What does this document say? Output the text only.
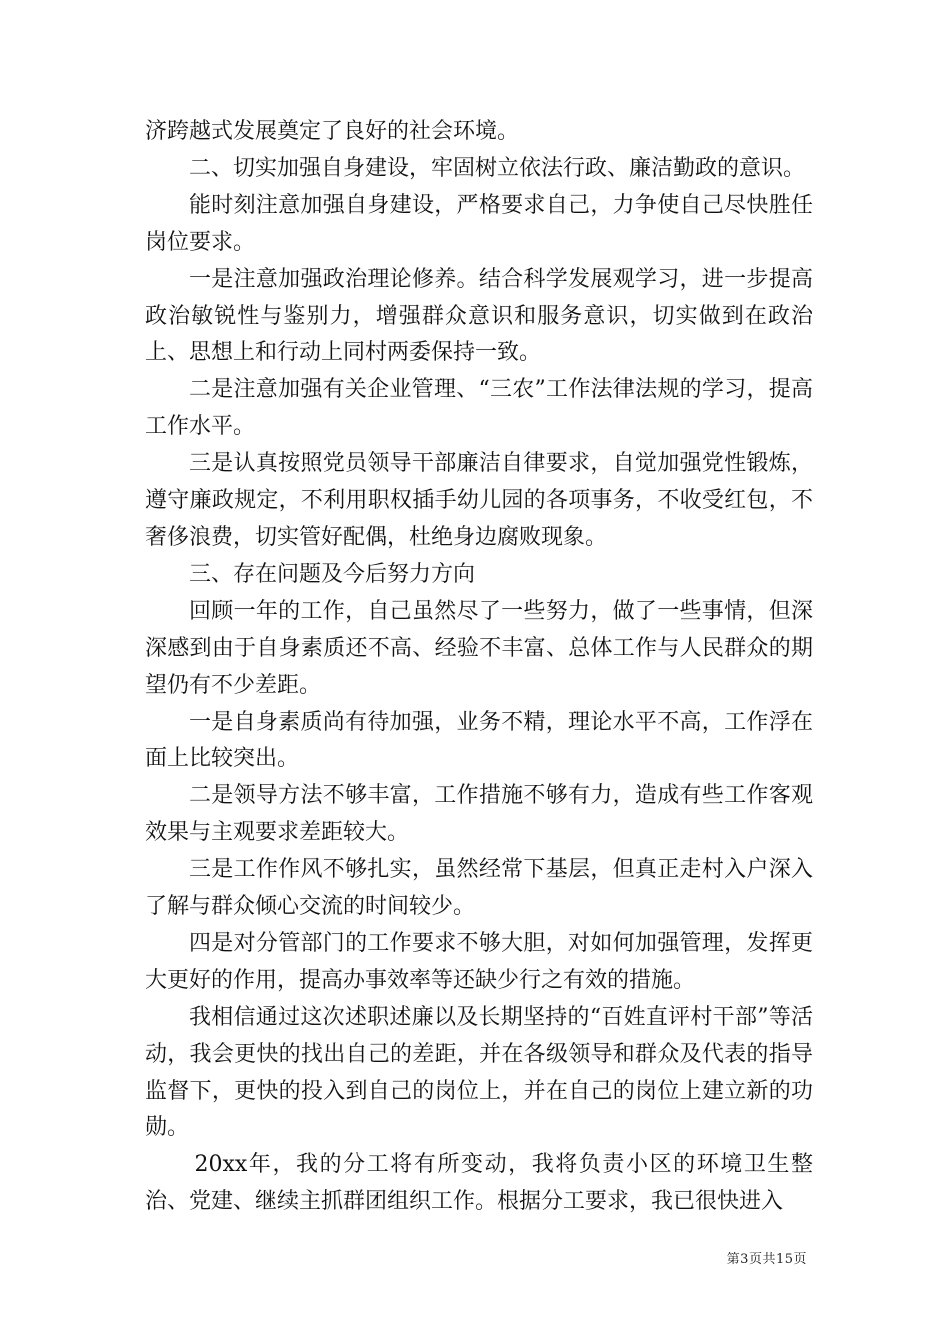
济跨越式发展奠定了良好的社会环境。

二、切实加强自身建设，牢固树立依法行政、廉洁勤政的意识。

能时刻注意加强自身建设，严格要求自己，力争使自己尽快胜任岗位要求。

一是注意加强政治理论修养。结合科学发展观学习，进一步提高政治敏锐性与鉴别力，增强群众意识和服务意识，切实做到在政治上、思想上和行动上同村两委保持一致。

二是注意加强有关企业管理、“三农”工作法律法规的学习，提高工作水平。

三是认真按照党员领导干部廉洁自律要求，自觉加强党性锻炼，遵守廉政规定，不利用职权插手幼儿园的各项事务，不收受红包，不奢侈浪费，切实管好配偶，杜绝身边腐败现象。

三、存在问题及今后努力方向

回顾一年的工作，自己虽然尽了一些努力，做了一些事情，但深深感到由于自身素质还不高、经验不丰富、总体工作与人民群众的期望仍有不少差距。

一是自身素质尚有待加强，业务不精，理论水平不高，工作浮在面上比较突出。

二是领导方法不够丰富，工作措施不够有力，造成有些工作客观效果与主观要求差距较大。

三是工作作风不够扎实，虽然经常下基层，但真正走村入户深入了解与群众倾心交流的时间较少。

四是对分管部门的工作要求不够大胆，对如何加强管理，发挥更大更好的作用，提高办事效率等还缺少行之有效的措施。

我相信通过这次述职述廉以及长期坚持的“百姓直评村干部”等活动，我会更快的找出自己的差距，并在各级领导和群众及代表的指导监督下，更快的投入到自己的岗位上，并在自己的岗位上建立新的功勋。

20xx年，我的分工将有所变动，我将负责小区的环境卫生整治、党建、继续主抓群团组织工作。根据分工要求，我已很快进入

第3页共15页
